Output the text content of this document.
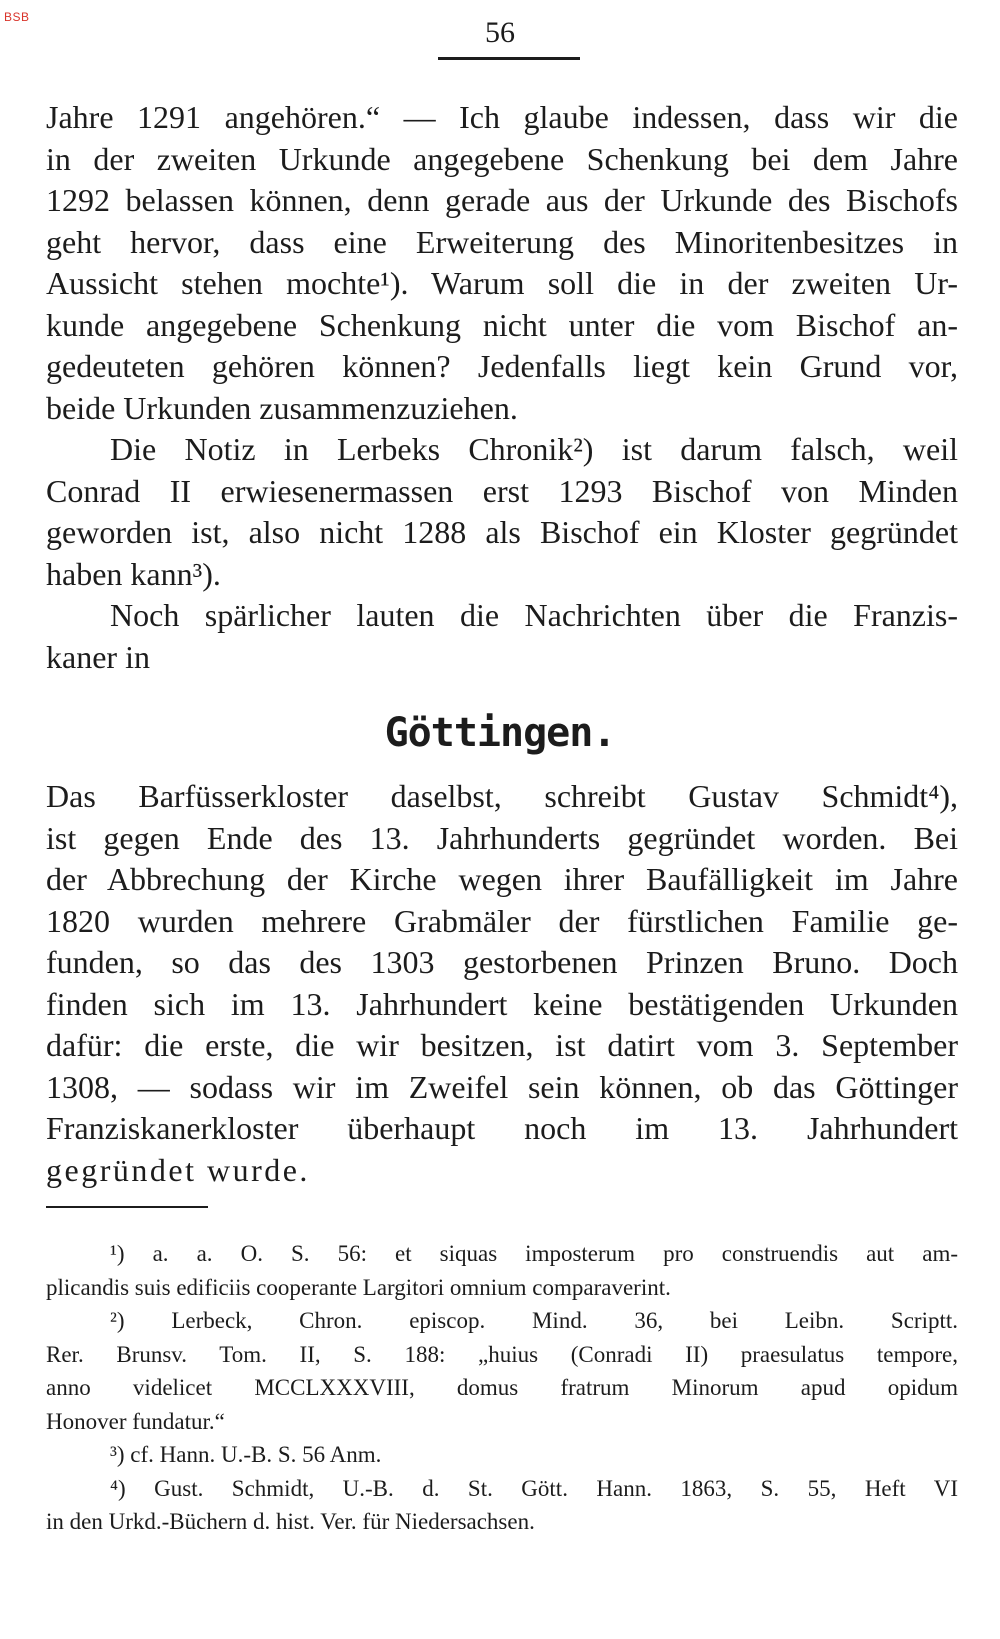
BSB	56
Jahre 1291 angehören.“ — Ich glaube indessen, dass wir die
in der zweiten Urkunde angegebene Schenkung bei dem Jahre
1292 belassen können, denn gerade aus der Urkunde des Bischofs
geht hervor, dass eine Erweiterung des Minoritenbesitzes in
Aussicht stehen mochte¹). Warum soll die in der zweiten Ur-
kunde angegebene Schenkung nicht unter die vom Bischof an-
gedeuteten gehören können? Jedenfalls liegt kein Grund vor,
beide Urkunden zusammenzuziehen.
Die Notiz in Lerbeks Chronik²) ist darum falsch, weil
Conrad II erwiesenermassen erst 1293 Bischof von Minden
geworden ist, also nicht 1288 als Bischof ein Kloster gegründet
haben kann³).
Noch spärlicher lauten die Nachrichten über die Franzis-
kaner in
Göttingen.
Das Barfüsserkloster daselbst, schreibt Gustav Schmidt⁴),
ist gegen Ende des 13. Jahrhunderts gegründet worden. Bei
der Abbrechung der Kirche wegen ihrer Baufälligkeit im Jahre
1820 wurden mehrere Grabmäler der fürstlichen Familie ge-
funden, so das des 1303 gestorbenen Prinzen Bruno. Doch
finden sich im 13. Jahrhundert keine bestätigenden Urkunden
dafür: die erste, die wir besitzen, ist datirt vom 3. September
1308, — sodass wir im Zweifel sein können, ob das Göttinger
Franziskanerkloster überhaupt noch im 13. Jahrhundert
gegründet wurde.
¹) a. a. O. S. 56: et siquas imposterum pro construendis aut am-
plicandis suis edificiis cooperante Largitori omnium comparaverint.
²) Lerbeck, Chron. episcop. Mind. 36, bei Leibn. Scriptt.
Rer. Brunsv. Tom. II, S. 188: „huius (Conradi II) praesulatus tempore,
anno videlicet MCCLXXXVIII, domus fratrum Minorum apud opidum
Honover fundatur.“
³) cf. Hann. U.-B. S. 56 Anm.
⁴) Gust. Schmidt, U.-B. d. St. Gött. Hann. 1863, S. 55, Heft VI
in den Urkd.-Büchern d. hist. Ver. für Niedersachsen.
